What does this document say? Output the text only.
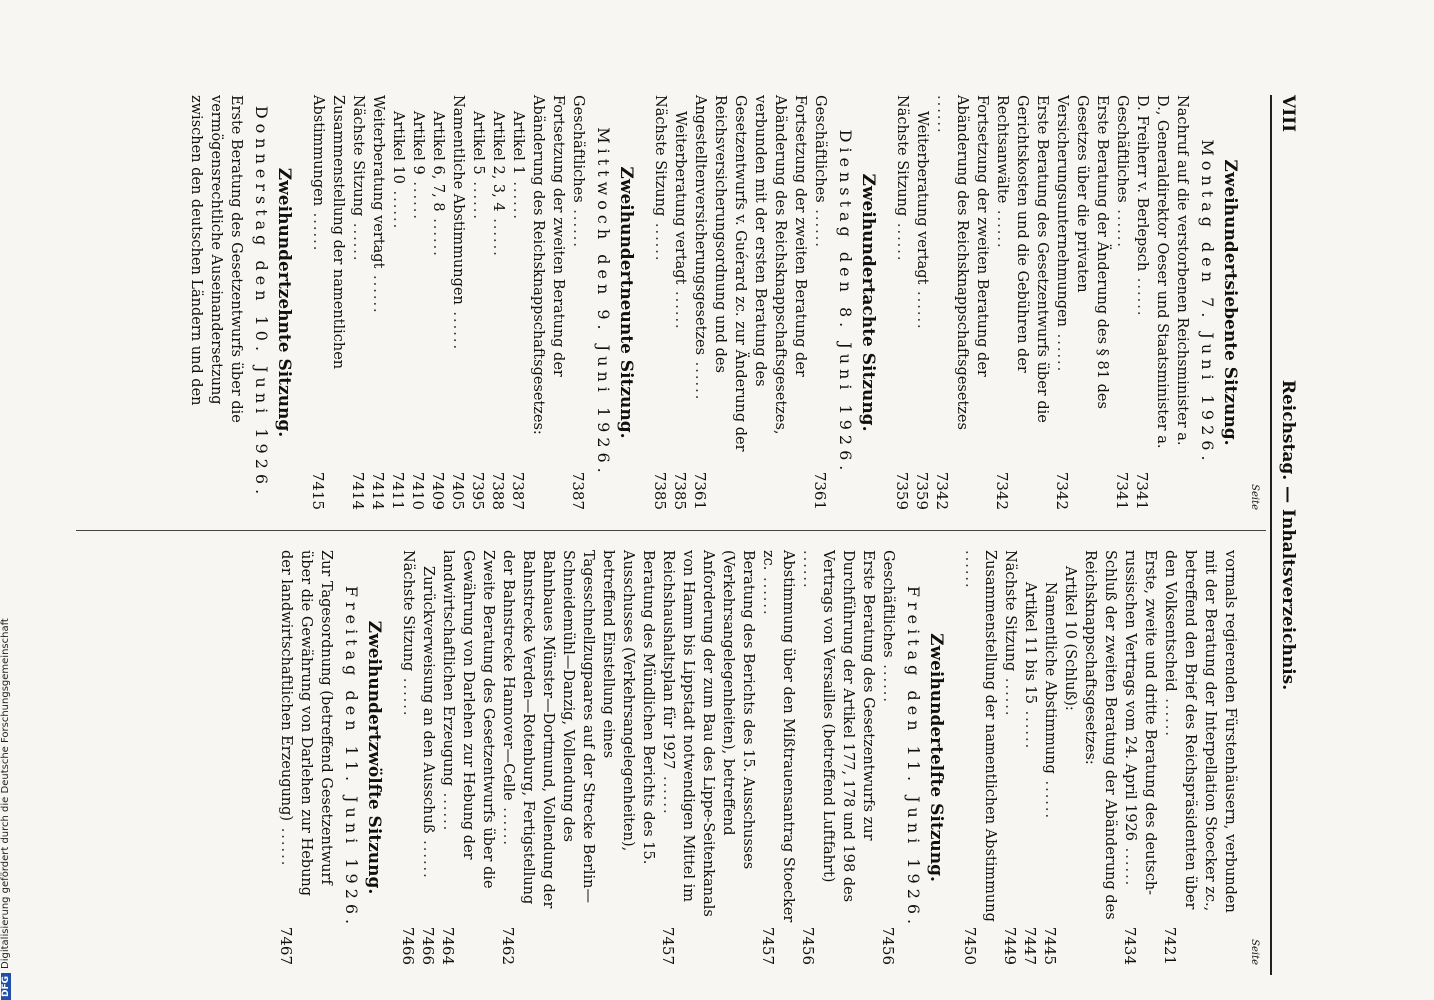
VIII
Reichstag. — Inhaltsverzeichnis.
Seite
Zweihundertsiebente Sitzung.
Montag den 7. Juni 1926.
Nachruf auf die verstorbenen Reichsminister a. D., Generaldirektor Oeser und Staatsminister a. D. Freiherr v. Berlepsch ......
7341
Geschäftliches ......
7341
Erste Beratung der Änderung des § 81 des Gesetzes über die privaten Versicherungsunternehmungen ......
7342
Erste Beratung des Gesetzentwurfs über die Gerichtskosten und die Gebühren der Rechtsanwälte ......
7342
Fortsetzung der zweiten Beratung der Abänderung des Reichsknappschaftsgesetzes ......
7342
Weiterberatung vertagt ......
7359
Nächste Sitzung ......
7359
Zweihundertachte Sitzung.
Dienstag den 8. Juni 1926.
Geschäftliches ......
7361
Fortsetzung der zweiten Beratung der Abänderung des Reichsknappschaftsgesetzes, verbunden mit der ersten Beratung des Gesetzentwurfs v. Guérard zc. zur Änderung der Reichsversicherungsordnung und des Angestelltenversicherungsgesetzes ......
7361
Weiterberatung vertagt ......
7385
Nächste Sitzung ......
7385
Zweihundertneunte Sitzung.
Mittwoch den 9. Juni 1926.
Geschäftliches ......
7387
Fortsetzung der zweiten Beratung der Abänderung des Reichsknappschaftsgesetzes:
Artikel 1 ......
7387
Artikel 2, 3, 4 ......
7388
Artikel 5 ......
7395
Namentliche Abstimmungen ......
7405
Artikel 6, 7, 8 ......
7409
Artikel 9 ......
7410
Artikel 10 ......
7411
Weiterberatung vertagt ......
7414
Nächste Sitzung ......
7414
Zusammenstellung der namentlichen Abstimmungen ......
7415
Zweihundertzehnte Sitzung.
Donnerstag den 10. Juni 1926.
Erste Beratung des Gesetzentwurfs über die vermögensrechtliche Auseinandersetzung zwischen den deutschen Ländern und den
Seite
vormals regierenden Fürstenhäusern, verbunden mit der Beratung der Interpellation Stoecker zc., betreffend den Brief des Reichspräsidenten über den Volksentscheid ......
7421
Erste, zweite und dritte Beratung des deutsch-russischen Vertrags vom 24. April 1926 ......
7434
Schluß der zweiten Beratung der Abänderung des Reichsknappschaftsgesetzes:
Artikel 10 (Schluß):
Namentliche Abstimmung ......
7445
Artikel 11 bis 15 ......
7447
Nächste Sitzung ......
7449
Zusammenstellung der namentlichen Abstimmung ......
7450
Zweihundertelfte Sitzung.
Freitag den 11. Juni 1926.
Geschäftliches ......
7456
Erste Beratung des Gesetzentwurfs zur Durchführung der Artikel 177, 178 und 198 des Vertrags von Versailles (betreffend Luftfahrt) ......
7456
Abstimmung über den Mißtrauensantrag Stoecker zc. ......
7457
Beratung des Berichts des 15. Ausschusses (Verkehrsangelegenheiten), betreffend Anforderung der zum Bau des Lippe-Seitenkanals von Hamm bis Lippstadt notwendigen Mittel im Reichshaushaltsplan für 1927 ......
7457
Beratung des Mündlichen Berichts des 15. Ausschusses (Verkehrsangelegenheiten), betreffend Einstellung eines Tagesschnellzugpaares auf der Strecke Berlin—Schneidemühl—Danzig, Vollendung des Bahnbaues Münster—Dortmund, Vollendung der Bahnstrecke Verden—Rotenburg, Fertigstellung der Bahnstrecke Hannover—Celle ......
7462
Zweite Beratung des Gesetzentwurfs über die Gewährung von Darlehen zur Hebung der landwirtschaftlichen Erzeugung ......
7464
Zurückverweisung an den Ausschuß ......
7466
Nächste Sitzung ......
7466
Zweihundertzwölfte Sitzung.
Freitag den 11. Juni 1926.
Zur Tagesordnung (betreffend Gesetzentwurf über die Gewährung von Darlehen zur Hebung der landwirtschaftlichen Erzeugung) ......
7467
DFGDigitalisierung gefördert durch die Deutsche Forschungsgemeinschaft
